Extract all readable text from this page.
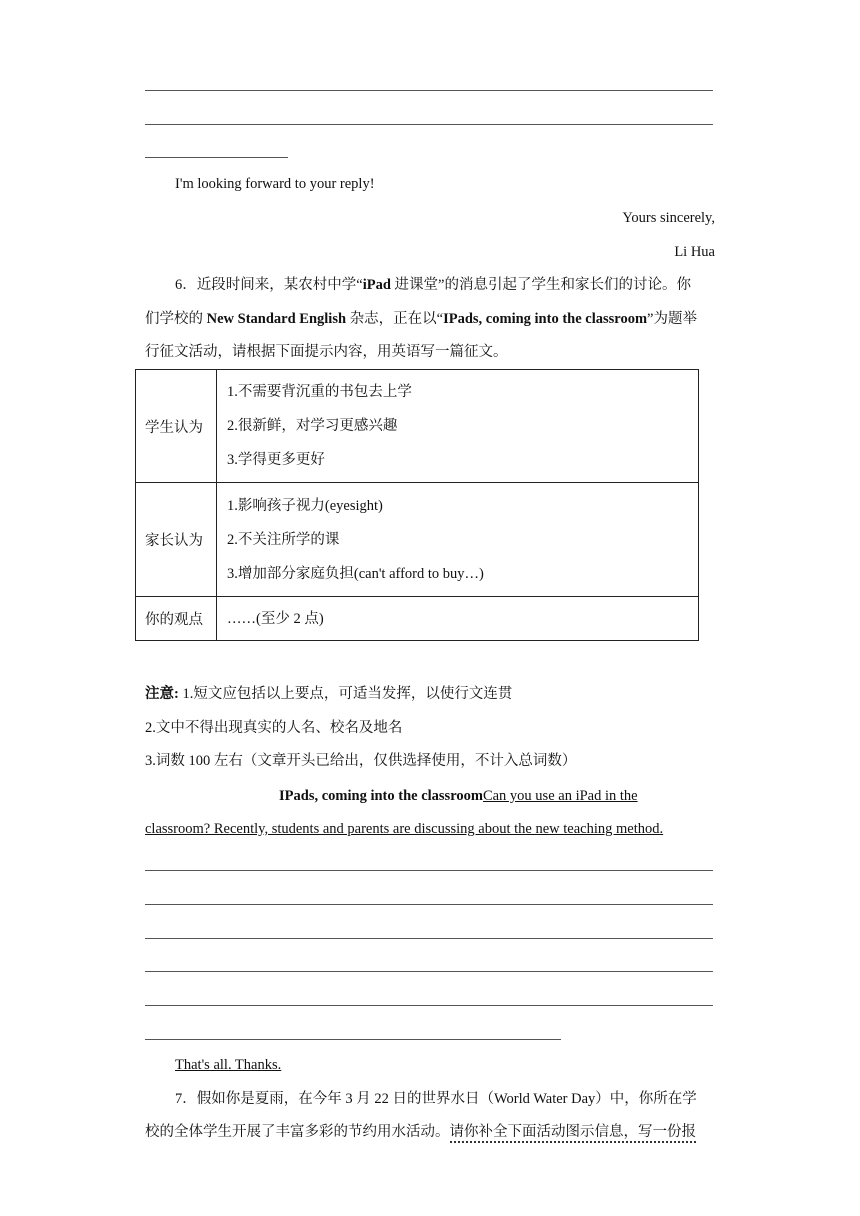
I'm looking forward to your reply!
Yours sincerely,
Li Hua
6．近段时间来，某农村中学“iPad 进课堂”的消息引起了学生和家长们的讨论。你
们学校的 New Standard English 杂志，正在以“IPads, coming into the classroom”为题举
行征文活动，请根据下面提示内容，用英语写一篇征文。
学生认为	1.不需要背沉重的书包去上学
2.很新鲜，对学习更感兴趣
3.学得更多更好

家长认为	1.影响孩子视力(eyesight)
2.不关注所学的课
3.增加部分家庭负担(can't afford to buy…)

你的观点	……(至少 2 点)
注意: 1.短文应包括以上要点，可适当发挥，以使行文连贯
2.文中不得出现真实的人名、校名及地名
3.词数 100 左右（文章开头已给出，仅供选择使用，不计入总词数）
IPads, coming into the classroomCan you use an iPad in the
classroom? Recently, students and parents are discussing about the new teaching method.
That's all. Thanks.
7．假如你是夏雨，在今年 3 月 22 日的世界水日（World Water Day）中，你所在学
校的全体学生开展了丰富多彩的节约用水活动。请你补全下面活动图示信息，写一份报
